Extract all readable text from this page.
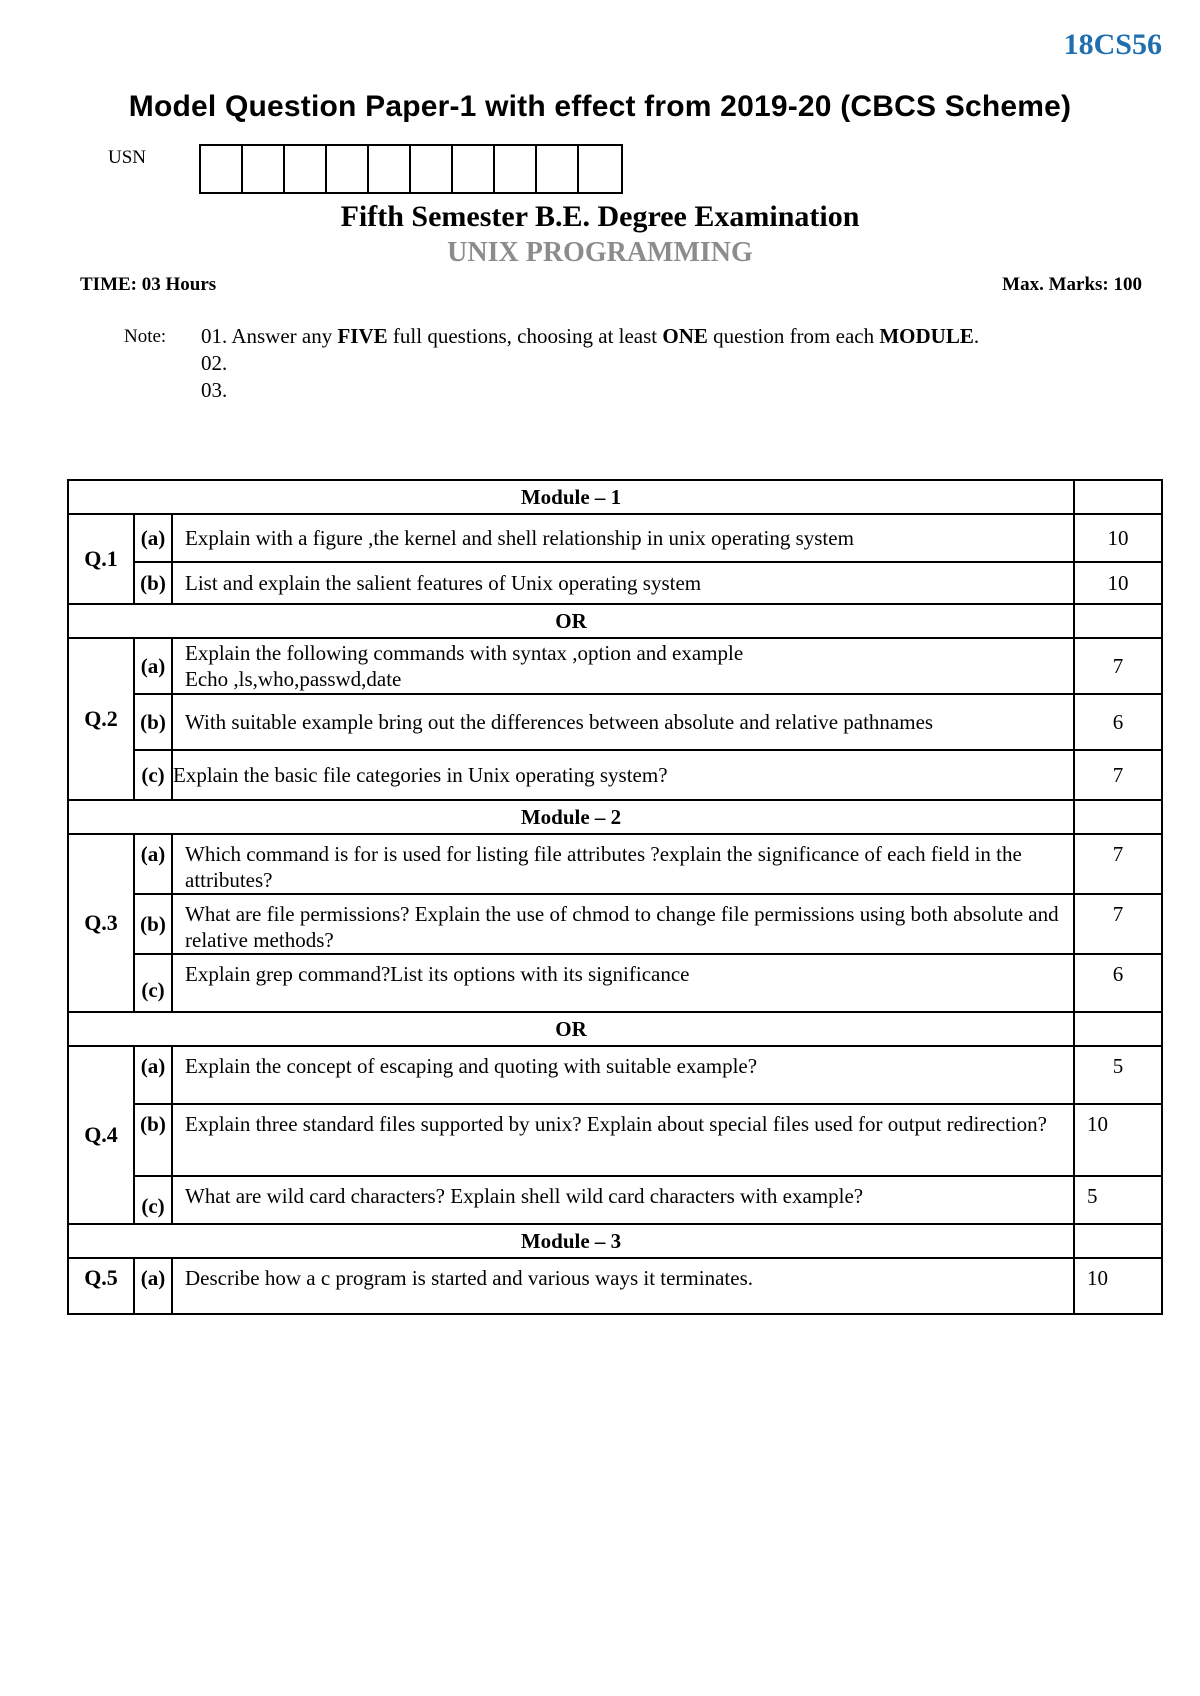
18CS56
Model Question Paper-1 with effect from 2019-20 (CBCS Scheme)
USN
Fifth Semester B.E. Degree Examination
UNIX PROGRAMMING
TIME: 03 Hours	Max. Marks: 100
Note: 01. Answer any FIVE full questions, choosing at least ONE question from each MODULE.
02.
03.
Module – 1			
Q.1	(a)	Explain with a figure ,the kernel and shell relationship in unix operating system	10
	(b)	List and explain the salient features of Unix operating system	10
OR			
Q.2	(a)	Explain the following commands with syntax ,option and example
Echo ,ls,who,passwd,date	7
	(b)	With suitable example bring out the differences between absolute and relative pathnames	6
	(c)	Explain the basic file categories in Unix operating system?	7
Module – 2			
Q.3	(a)	Which command is for is used for listing file attributes ?explain the significance of each field in the attributes?	7
	(b)	What are file permissions? Explain the use of chmod to change file permissions using both absolute and relative methods?	7
	(c)	Explain grep command?List its options with its significance	6
OR			
Q.4	(a)	Explain the concept of escaping and quoting with suitable example?	5
	(b)	Explain three standard files supported by unix? Explain about special files used for output redirection?	10
	(c)	What are wild card characters? Explain shell wild card characters with example?	5
Module – 3			
Q.5	(a)	Describe how a c program is started and various ways it terminates.	10
